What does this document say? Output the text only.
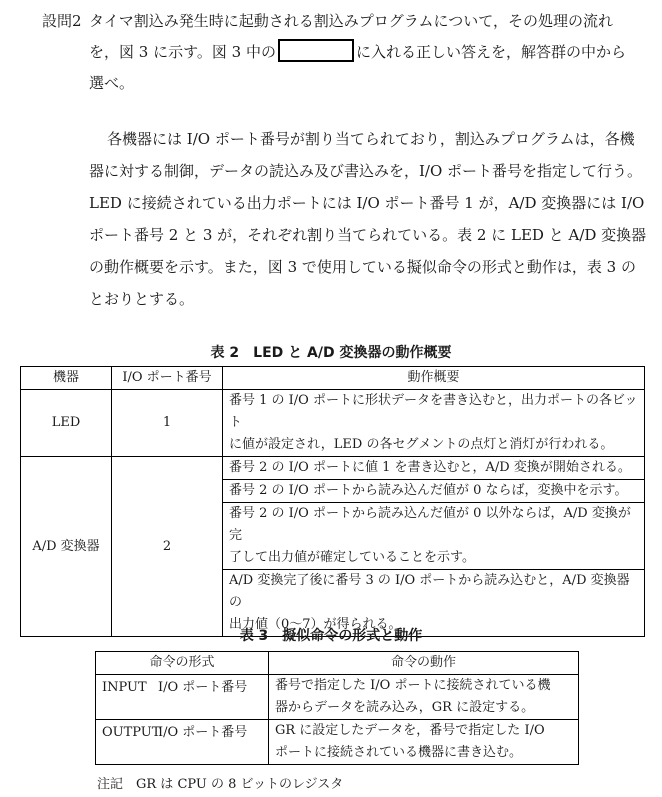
設問2 タイマ割込み発生時に起動される割込みプログラムについて，その処理の流れ
を，図 3 に示す。図 3 中の	に入れる正しい答えを，解答群の中から
選べ。
各機器には I/O ポート番号が割り当てられており，割込みプログラムは，各機
器に対する制御，データの読込み及び書込みを，I/O ポート番号を指定して行う。
LED に接続されている出力ポートには I/O ポート番号 1 が，A/D 変換器には I/O
ポート番号 2 と 3 が，それぞれ割り当てられている。表 2 に LED と A/D 変換器
の動作概要を示す。また，図 3 で使用している擬似命令の形式と動作は，表 3 の
とおりとする。
表 2　LED と A/D 変換器の動作概要
機器	I/O ポート番号	動作概要
LED	1	番号 1 の I/O ポートに形状データを書き込むと，出力ポートの各ビット
に値が設定され，LED の各セグメントの点灯と消灯が行われる。

A/D 変換器	2	番号 2 の I/O ポートに値 1 を書き込むと，A/D 変換が開始される。
		番号 2 の I/O ポートから読み込んだ値が 0 ならば，変換中を示す。

		番号 2 の I/O ポートから読み込んだ値が 0 以外ならば，A/D 変換が完
了して出力値が確定していることを示す。

		A/D 変換完了後に番号 3 の I/O ポートから読み込むと，A/D 変換器の
出力値（0〜7）が得られる。
表 3　擬似命令の形式と動作
命令の形式	命令の動作
INPUT I/O ポート番号	番号で指定した I/O ポートに接続されている機
器からデータを読み込み，GR に設定する。

OUTPUTI/O ポート番号	GR に設定したデータを，番号で指定した I/O
ポートに接続されている機器に書き込む。
注記　GR は CPU の 8 ビットのレジスタ
